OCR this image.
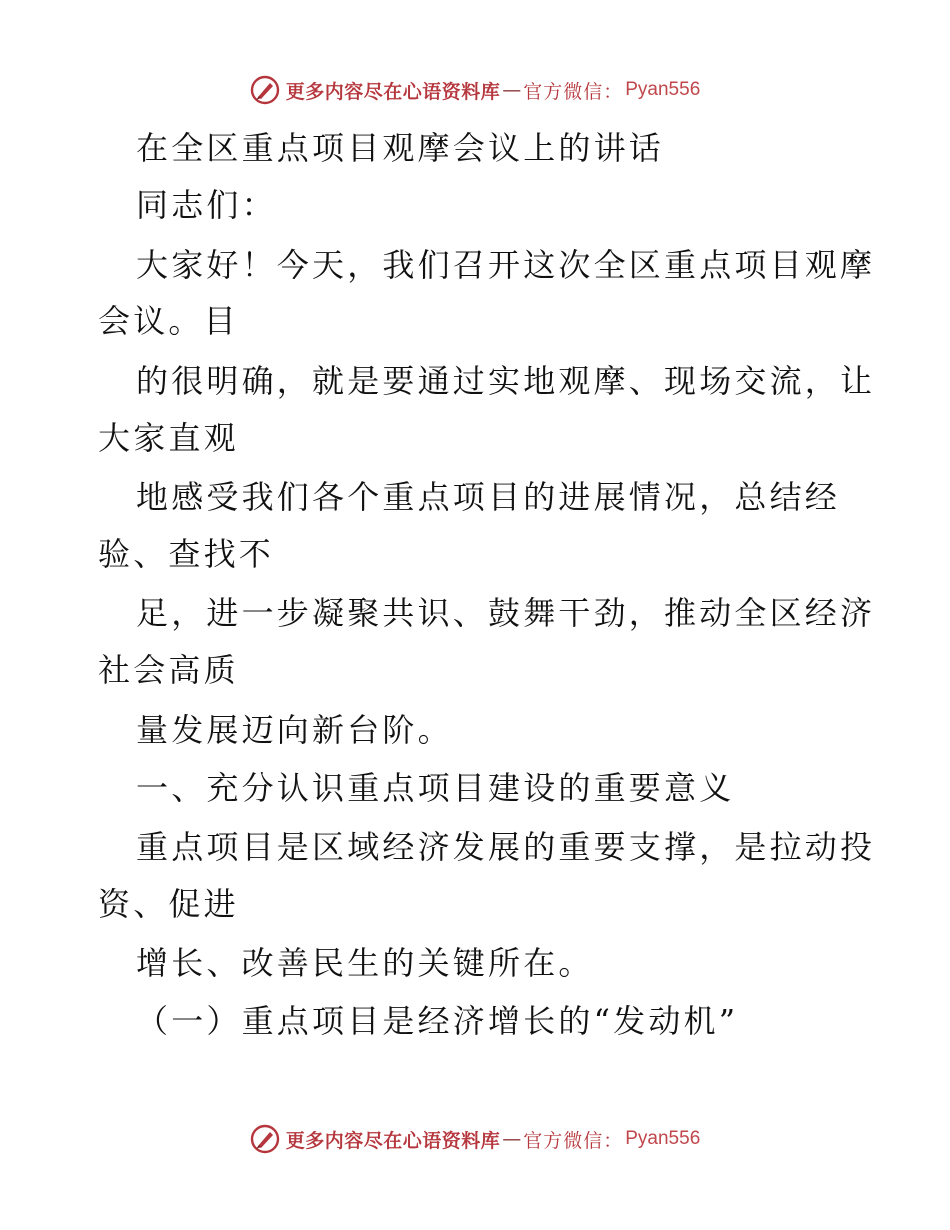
更多内容尽在心语资料库 — 官方微信： Pyan556
在全区重点项目观摩会议上的讲话
同志们：
大家好！今天，我们召开这次全区重点项目观摩
会议。目
的很明确，就是要通过实地观摩、现场交流，让
大家直观
地感受我们各个重点项目的进展情况，总结经
验、查找不
足，进一步凝聚共识、鼓舞干劲，推动全区经济
社会高质
量发展迈向新台阶。
一、充分认识重点项目建设的重要意义
重点项目是区域经济发展的重要支撑，是拉动投
资、促进
增长、改善民生的关键所在。
（一）重点项目是经济增长的“发动机”
更多内容尽在心语资料库 — 官方微信： Pyan556
